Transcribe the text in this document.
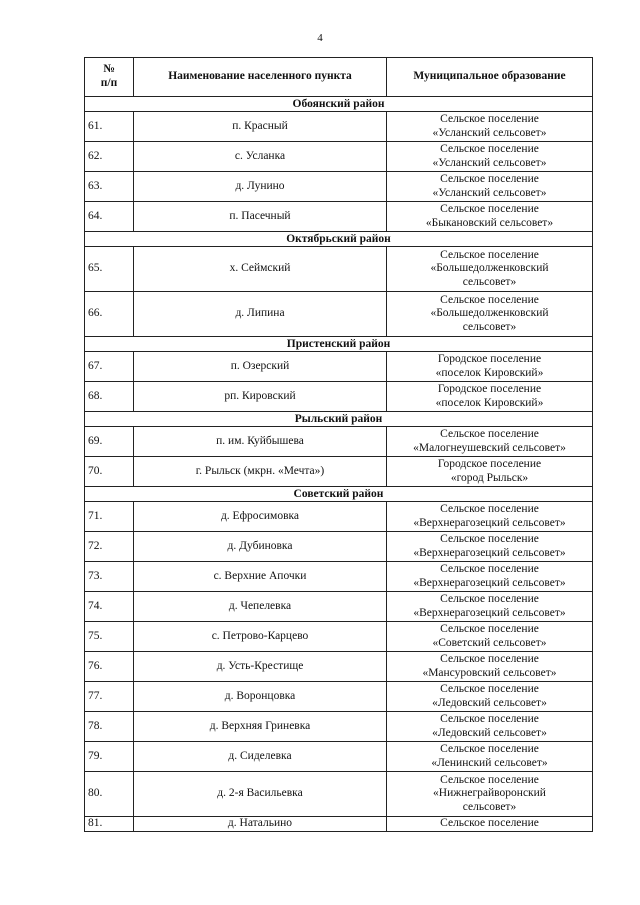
4
№
п/п	Наименование населенного пункта	Муниципальное образование
Обоянский район		
61.	п. Красный	Сельское поселение
«Усланский сельсовет»

62.	с. Усланка	Сельское поселение
«Усланский сельсовет»

63.	д. Лунино	Сельское поселение
«Усланский сельсовет»

64.	п. Пасечный	Сельское поселение
«Быкановский сельсовет»

Октябрьский район		
65.	х. Сеймский	Сельское поселение
«Большедолженковский
сельсовет»

66.	д. Липина	Сельское поселение
«Большедолженковский
сельсовет»

Пристенский район		
67.	п. Озерский	Городское поселение
«поселок Кировский»

68.	рп. Кировский	Городское поселение
«поселок Кировский»

Рыльский район		
69.	п. им. Куйбышева	Сельское поселение
«Малогнеушевский сельсовет»

70.	г. Рыльск (мкрн. «Мечта»)	Городское поселение
«город Рыльск»

Советский район		
71.	д. Ефросимовка	Сельское поселение
«Верхнерагозецкий сельсовет»

72.	д. Дубиновка	Сельское поселение
«Верхнерагозецкий сельсовет»

73.	с. Верхние Апочки	Сельское поселение
«Верхнерагозецкий сельсовет»

74.	д. Чепелевка	Сельское поселение
«Верхнерагозецкий сельсовет»

75.	с. Петрово-Карцево	Сельское поселение
«Советский сельсовет»

76.	д. Усть-Крестище	Сельское поселение
«Мансуровский сельсовет»

77.	д. Воронцовка	Сельское поселение
«Ледовский сельсовет»

78.	д. Верхняя Гриневка	Сельское поселение
«Ледовский сельсовет»

79.	д. Сиделевка	Сельское поселение
«Ленинский сельсовет»

80.	д. 2-я Васильевка	Сельское поселение
«Нижнеграйворонский
сельсовет»

81.	д. Натальино	Сельское поселение
